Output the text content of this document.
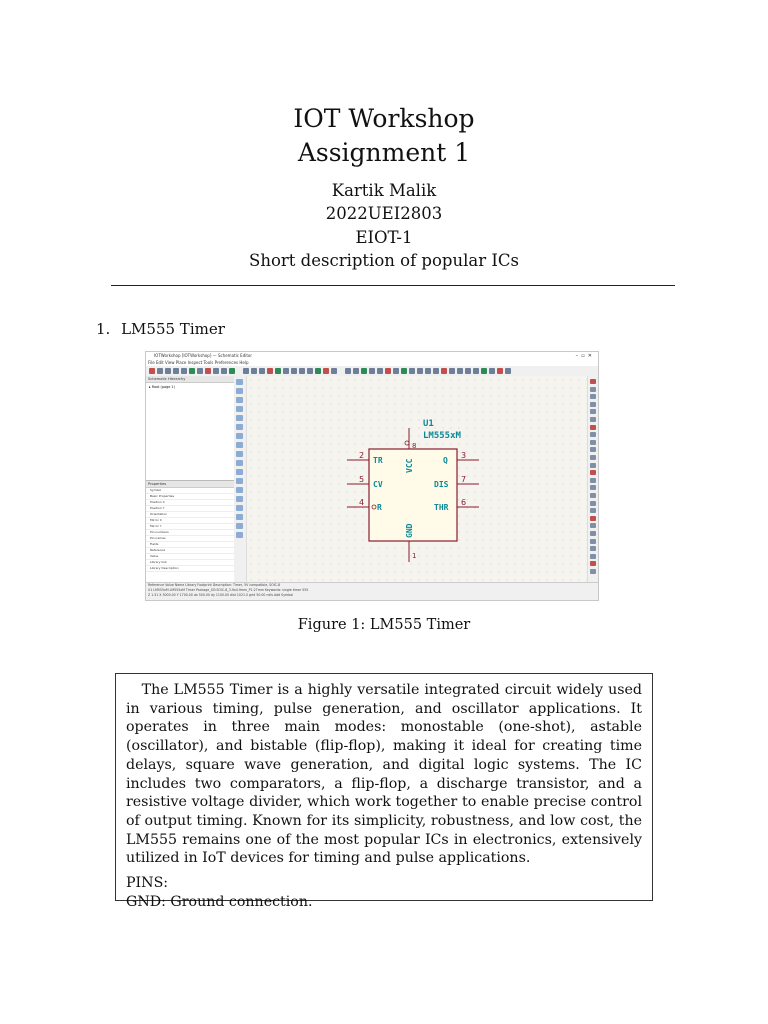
IOT Workshop
Assignment 1
Kartik Malik
2022UEI2803
EIOT-1
Short description of popular ICs
1. LM555 Timer
IOTWorkshop [IOTWorkshop] — Schematic Editor	–  ▫  ✕
File Edit View Place Inspect Tools Preferences Help
Schematic Hierarchy
▸ Root (page 1)
Properties
Symbol
Basic Properties
Position X
Position Y
Orientation
Mirror X
Mirror Y
Pin numbers
Pin names
Fields
Reference
Value
Library link
Library Description
U1
LM555xM
2
TR
5
CV
4
R
3
Q
7
DIS
6
THR
8
VCC
1
GND
Reference Value Name Library Footprint Description: Timer, 5V compatible, SOIC-8
U1 LM555xM LM555xM Timer Package_SO:SOIC-8_3.9x4.9mm_P1.27mm Keywords: single timer 555
Z 1.51 X 3000.00 Y 1700.00 dx 500.00 dy 1100.00 dist 1021.0 grid 50.00 mils Add Symbol
Figure 1: LM555 Timer

The LM555 Timer is a highly versatile integrated circuit widely used in various timing, pulse generation, and oscillator applications. It operates in three main modes: monostable (one-shot), astable (oscillator), and bistable (flip-flop), making it ideal for creating time delays, square wave generation, and digital logic systems. The IC includes two comparators, a flip-flop, a discharge transistor, and a resistive voltage divider, which work together to enable precise control of output timing. Known for its simplicity, robustness, and low cost, the LM555 remains one of the most popular ICs in electronics, extensively utilized in IoT devices for timing and pulse applications.

PINS:

GND: Ground connection.
